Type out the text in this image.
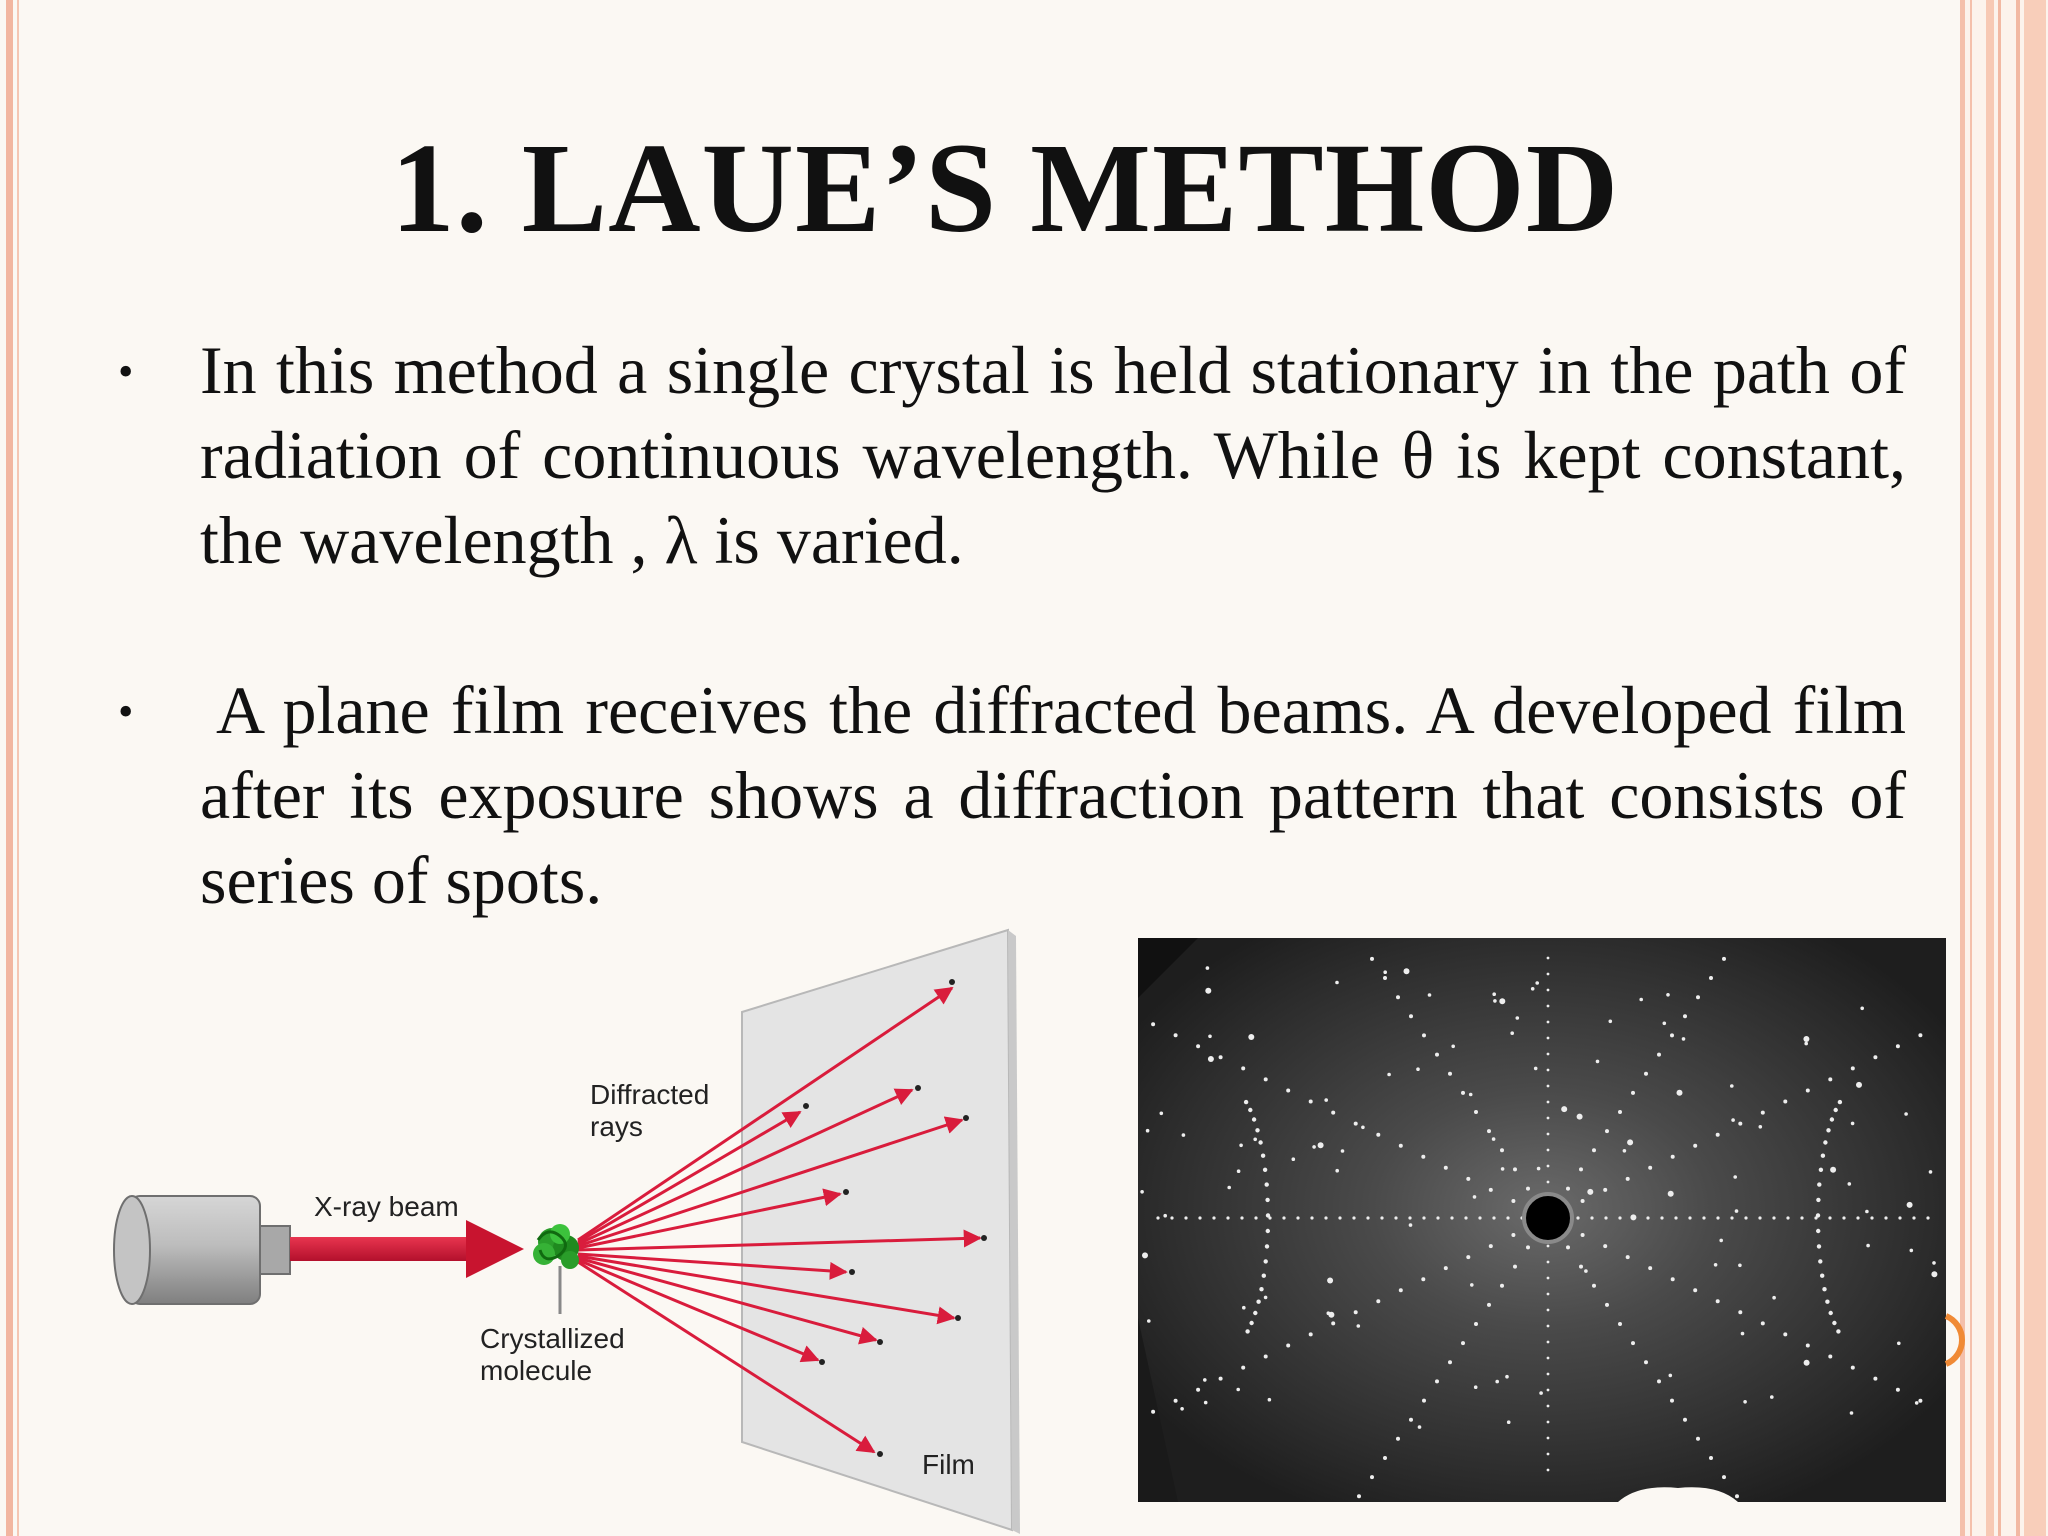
1. LAUE’S METHOD
• In this method a single crystal is held stationary in the path of radiation of continuous wavelength. While θ is kept constant, the wavelength , λ is varied.

• A plane film receives the diffracted beams. A developed film after its exposure shows a diffraction pattern that consists of series of spots.

Diffracted
rays
X-ray beam
Crystallized
molecule
Film
